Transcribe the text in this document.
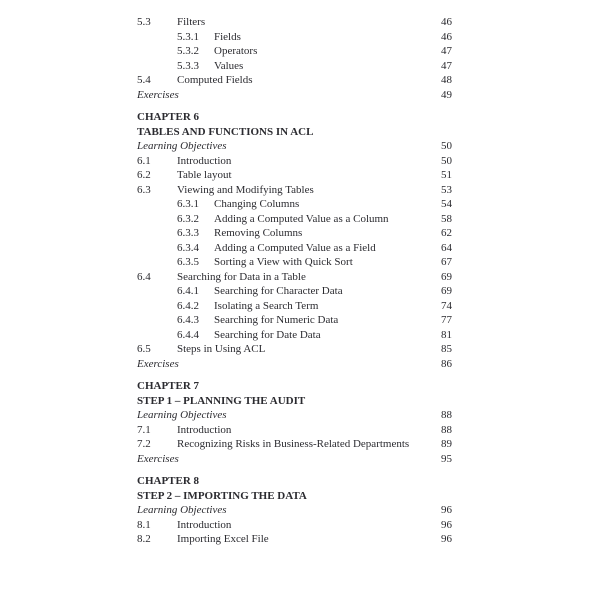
5.3	Filters	46
5.3.1	Fields	46
5.3.2	Operators	47
5.3.3	Values	47
5.4	Computed Fields	48
Exercises	49
CHAPTER 6
TABLES AND FUNCTIONS IN ACL
Learning Objectives	50
6.1	Introduction	50
6.2	Table layout	51
6.3	Viewing and Modifying Tables	53
6.3.1	Changing Columns	54
6.3.2	Adding a Computed Value as a Column	58
6.3.3	Removing Columns	62
6.3.4	Adding a Computed Value as a Field	64
6.3.5	Sorting a View with Quick Sort	67
6.4	Searching for Data in a Table	69
6.4.1	Searching for Character Data	69
6.4.2	Isolating a Search Term	74
6.4.3	Searching for Numeric Data	77
6.4.4	Searching for Date Data	81
6.5	Steps in Using ACL	85
Exercises	86
CHAPTER 7
STEP 1 – PLANNING THE AUDIT
Learning Objectives	88
7.1	Introduction	88
7.2	Recognizing Risks in Business-Related Departments	89
Exercises	95
CHAPTER 8
STEP 2 – IMPORTING THE DATA
Learning Objectives	96
8.1	Introduction	96
8.2	Importing Excel File	96
